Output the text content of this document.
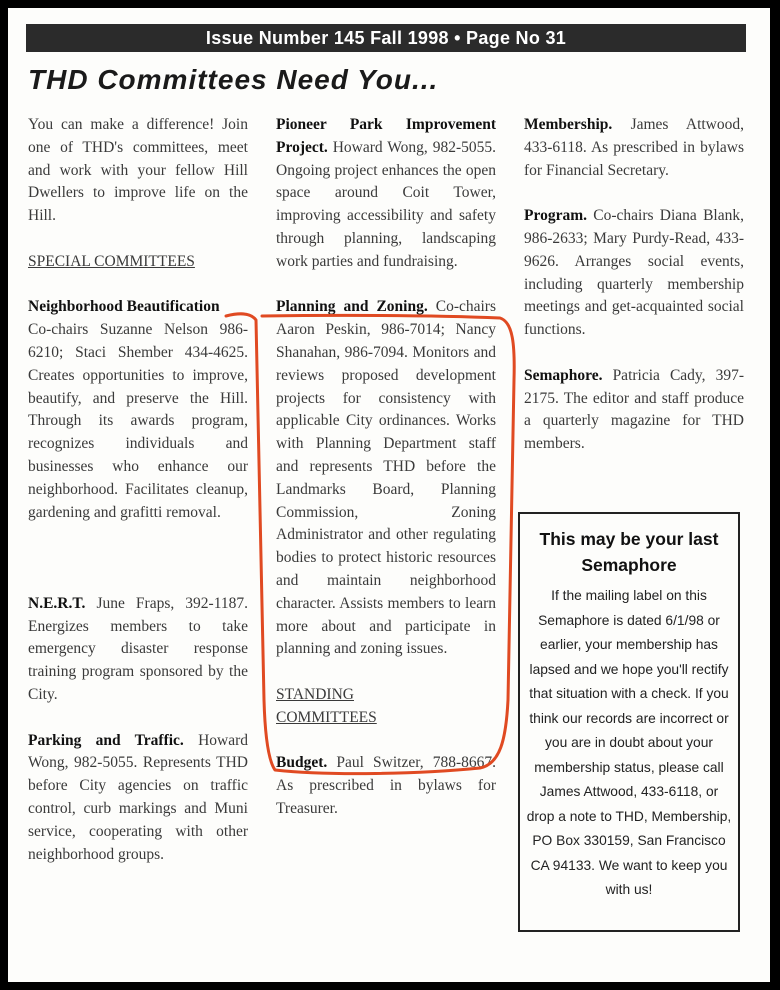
Issue Number 145 Fall 1998 • Page No 31
THD Committees Need You...

You can make a difference! Join one of THD's committees, meet and work with your fellow Hill Dwellers to improve life on the Hill.

SPECIAL COMMITTEES

Neighborhood Beautification
Co-chairs Suzanne Nelson 986-6210; Staci Shember 434-4625. Creates opportunities to improve, beautify, and preserve the Hill. Through its awards program, recognizes individuals and businesses who enhance our neighborhood. Facilitates cleanup, gardening and grafitti removal.

N.E.R.T. June Fraps, 392-1187. Energizes members to take emergency disaster response training program sponsored by the City.

Parking and Traffic. Howard Wong, 982-5055. Represents THD before City agencies on traffic control, curb markings and Muni service, cooperating with other neighborhood groups.

Pioneer Park Improvement Project. Howard Wong, 982-5055. Ongoing project enhances the open space around Coit Tower, improving accessibility and safety through planning, landscaping work parties and fundraising.

Planning and Zoning. Co-chairs Aaron Peskin, 986-7014; Nancy Shanahan, 986-7094. Monitors and reviews proposed development projects for consistency with applicable City ordinances. Works with Planning Department staff and represents THD before the Landmarks Board, Planning Commission, Zoning Administrator and other regulating bodies to protect historic resources and maintain neighborhood character. Assists members to learn more about and participate in planning and zoning issues.

STANDING COMMITTEES

Budget. Paul Switzer, 788-8667. As prescribed in bylaws for Treasurer.

Membership. James Attwood, 433-6118. As prescribed in bylaws for Financial Secretary.

Program. Co-chairs Diana Blank, 986-2633; Mary Purdy-Read, 433-9626. Arranges social events, including quarterly membership meetings and get-acquainted social functions.

Semaphore. Patricia Cady, 397-2175. The editor and staff produce a quarterly magazine for THD members.

This may be your last Semaphore
If the mailing label on this Semaphore is dated 6/1/98 or earlier, your membership has lapsed and we hope you'll rectify that situation with a check. If you think our records are incorrect or you are in doubt about your membership status, please call James Attwood, 433-6118, or drop a note to THD, Membership, PO Box 330159, San Francisco CA 94133. We want to keep you with us!
